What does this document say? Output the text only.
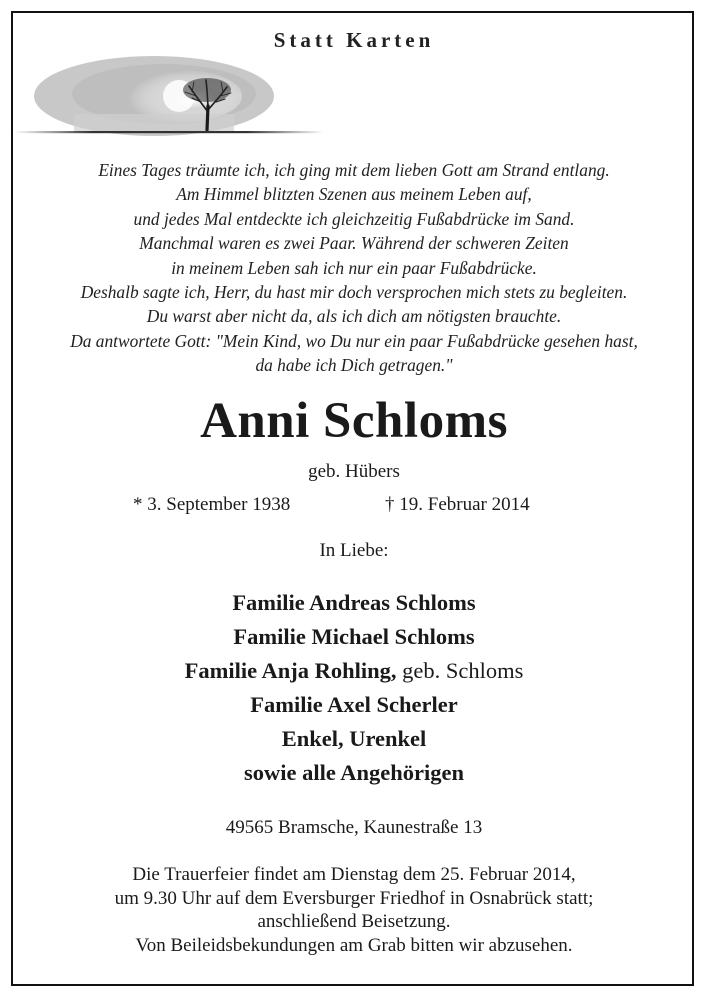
Statt Karten
Eines Tages träumte ich, ich ging mit dem lieben Gott am Strand entlang.
Am Himmel blitzten Szenen aus meinem Leben auf,
und jedes Mal entdeckte ich gleichzeitig Fußabdrücke im Sand.
Manchmal waren es zwei Paar. Während der schweren Zeiten
in meinem Leben sah ich nur ein paar Fußabdrücke.
Deshalb sagte ich, Herr, du hast mir doch versprochen mich stets zu begleiten.
Du warst aber nicht da, als ich dich am nötigsten brauchte.
Da antwortete Gott: "Mein Kind, wo Du nur ein paar Fußabdrücke gesehen hast,
da habe ich Dich getragen."
Anni Schloms
geb. Hübers
* 3. September 1938	† 19. Februar 2014
In Liebe:
Familie Andreas Schloms
Familie Michael Schloms
Familie Anja Rohling, geb. Schloms
Familie Axel Scherler
Enkel, Urenkel
sowie alle Angehörigen
49565 Bramsche, Kaunestraße 13
Die Trauerfeier findet am Dienstag dem 25. Februar 2014,
um 9.30 Uhr auf dem Eversburger Friedhof in Osnabrück statt;
anschließend Beisetzung.
Von Beileidsbekundungen am Grab bitten wir abzusehen.
